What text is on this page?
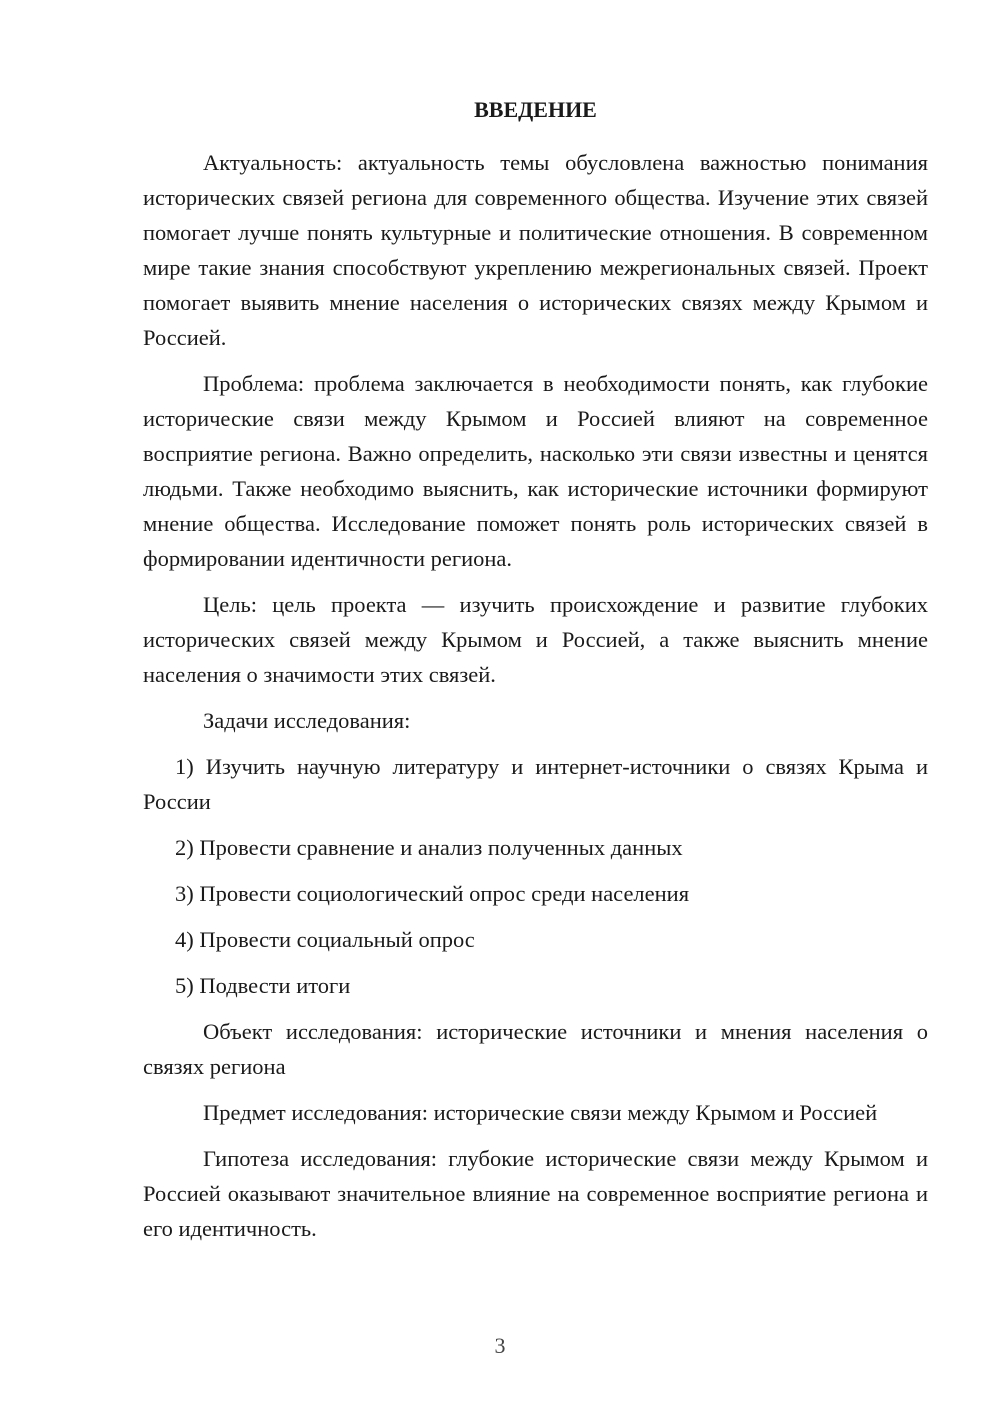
ВВЕДЕНИЕ

Актуальность: актуальность темы обусловлена важностью понимания исторических связей региона для современного общества. Изучение этих связей помогает лучше понять культурные и политические отношения. В современном мире такие знания способствуют укреплению межрегиональных связей. Проект помогает выявить мнение населения о исторических связях между Крымом и Россией.

Проблема: проблема заключается в необходимости понять, как глубокие исторические связи между Крымом и Россией влияют на современное восприятие региона. Важно определить, насколько эти связи известны и ценятся людьми. Также необходимо выяснить, как исторические источники формируют мнение общества. Исследование поможет понять роль исторических связей в формировании идентичности региона.

Цель: цель проекта — изучить происхождение и развитие глубоких исторических связей между Крымом и Россией, а также выяснить мнение населения о значимости этих связей.

Задачи исследования:

1) Изучить научную литературу и интернет-источники о связях Крыма и России

2) Провести сравнение и анализ полученных данных

3) Провести социологический опрос среди населения

4) Провести социальный опрос

5) Подвести итоги

Объект исследования: исторические источники и мнения населения о связях региона

Предмет исследования: исторические связи между Крымом и Россией

Гипотеза исследования: глубокие исторические связи между Крымом и Россией оказывают значительное влияние на современное восприятие региона и его идентичность.

3
